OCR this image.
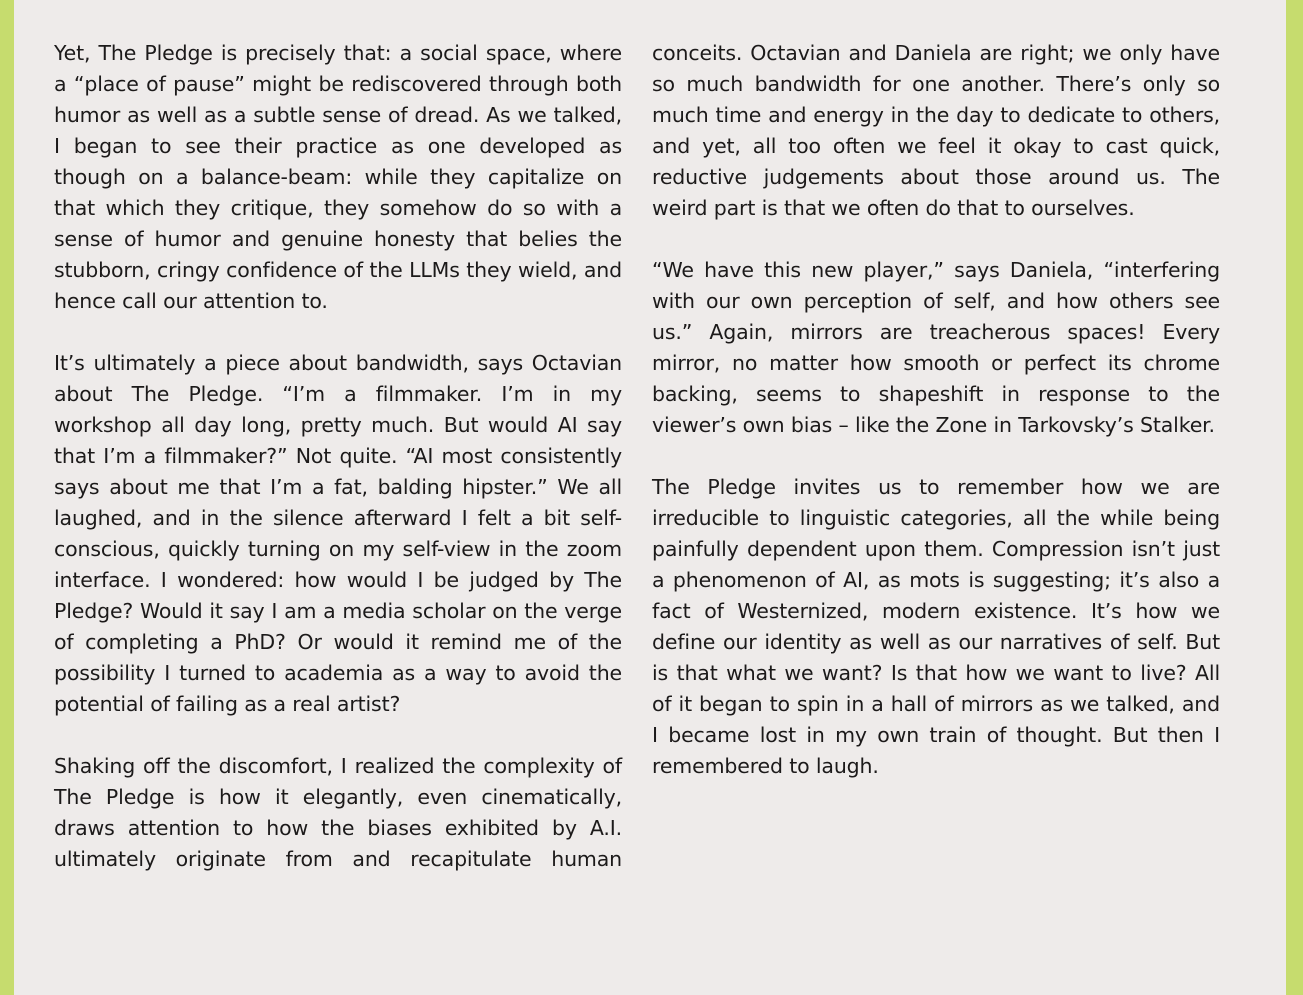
Yet, The Pledge is precisely that: a social space, where a “place of pause” might be rediscovered through both humor as well as a subtle sense of dread. As we talked, I began to see their practice as one developed as though on a balance-beam: while they capitalize on that which they critique, they somehow do so with a sense of humor and genuine honesty that belies the stubborn, cringy confidence of the LLMs they wield, and hence call our attention to.

It’s ultimately a piece about bandwidth, says Octavian about The Pledge. “I’m a filmmaker. I’m in my workshop all day long, pretty much. But would AI say that I’m a filmmaker?” Not quite. “AI most consistently says about me that I’m a fat, balding hipster.” We all laughed, and in the silence afterward I felt a bit self-conscious, quickly turning on my self-view in the zoom interface. I wondered: how would I be judged by The Pledge? Would it say I am a media scholar on the verge of completing a PhD? Or would it remind me of the possibility I turned to academia as a way to avoid the potential of failing as a real artist?

Shaking off the discomfort, I realized the complexity of The Pledge is how it elegantly, even cinematically, draws attention to how the biases exhibited by A.I. ultimately originate from and recapitulate human

conceits. Octavian and Daniela are right; we only have so much bandwidth for one another. There’s only so much time and energy in the day to dedicate to others, and yet, all too often we feel it okay to cast quick, reductive judgements about those around us. The weird part is that we often do that to ourselves.

“We have this new player,” says Daniela, “interfering with our own perception of self, and how others see us.” Again, mirrors are treacherous spaces! Every mirror, no matter how smooth or perfect its chrome backing, seems to shapeshift in response to the viewer’s own bias – like the Zone in Tarkovsky’s Stalker.

The Pledge invites us to remember how we are irreducible to linguistic categories, all the while being painfully dependent upon them. Compression isn’t just a phenomenon of AI, as mots is suggesting; it’s also a fact of Westernized, modern existence. It’s how we define our identity as well as our narratives of self. But is that what we want? Is that how we want to live? All of it began to spin in a hall of mirrors as we talked, and I became lost in my own train of thought. But then I remembered to laugh.
